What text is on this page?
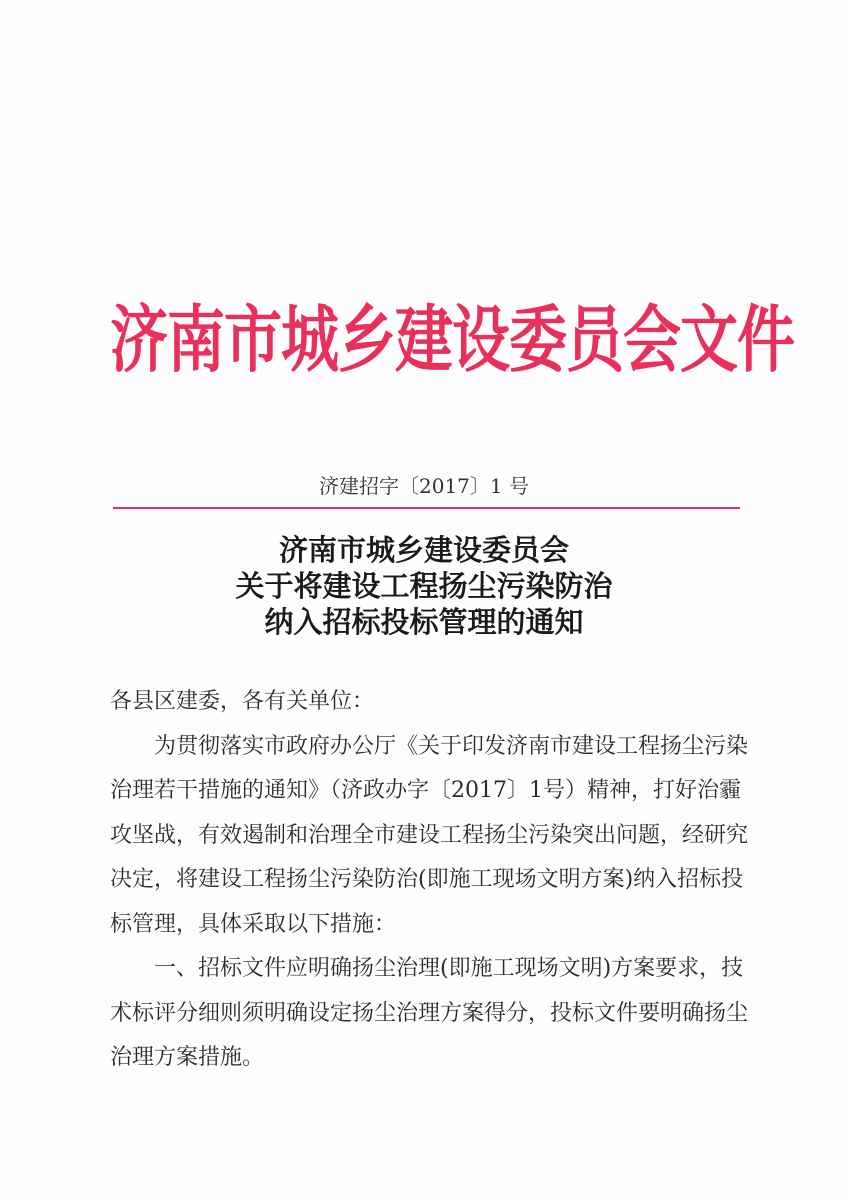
济南市城乡建设委员会文件
济建招字〔2017〕1 号
济南市城乡建设委员会
关于将建设工程扬尘污染防治
纳入招标投标管理的通知
各县区建委，各有关单位：
为贯彻落实市政府办公厅《关于印发济南市建设工程扬尘污染
治理若干措施的通知》（济政办字〔2017〕1号）精神，打好治霾
攻坚战，有效遏制和治理全市建设工程扬尘污染突出问题，经研究
决定，将建设工程扬尘污染防治(即施工现场文明方案)纳入招标投
标管理，具体采取以下措施：
一、招标文件应明确扬尘治理(即施工现场文明)方案要求，技
术标评分细则须明确设定扬尘治理方案得分，投标文件要明确扬尘
治理方案措施。
